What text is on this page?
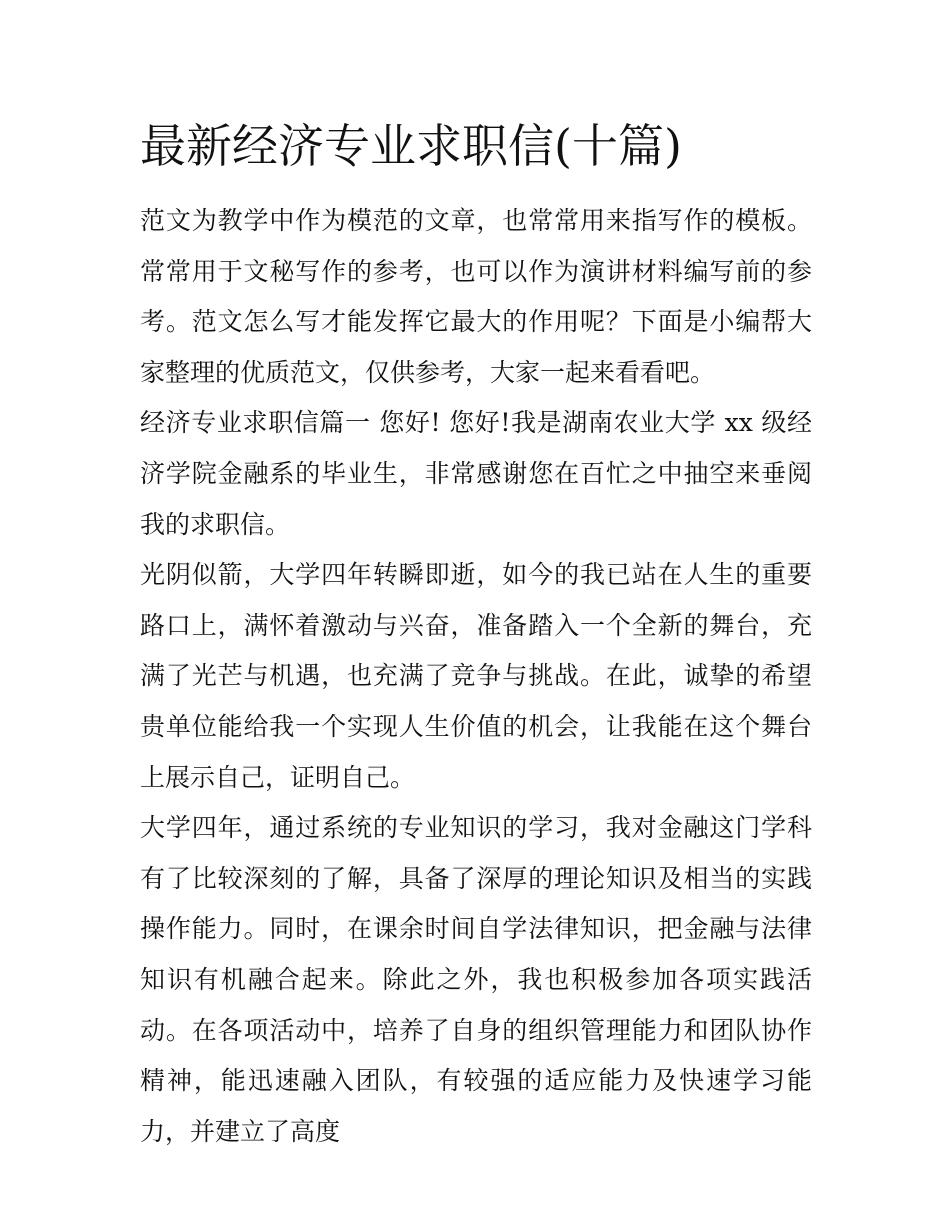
最新经济专业求职信(十篇)

范文为教学中作为模范的文章，也常常用来指写作的模板。常常用于文秘写作的参考，也可以作为演讲材料编写前的参考。范文怎么写才能发挥它最大的作用呢？下面是小编帮大家整理的优质范文，仅供参考，大家一起来看看吧。

经济专业求职信篇一 您好! 您好!我是湖南农业大学 xx 级经济学院金融系的毕业生，非常感谢您在百忙之中抽空来垂阅我的求职信。

光阴似箭，大学四年转瞬即逝，如今的我已站在人生的重要路口上，满怀着激动与兴奋，准备踏入一个全新的舞台，充满了光芒与机遇，也充满了竞争与挑战。在此，诚挚的希望贵单位能给我一个实现人生价值的机会，让我能在这个舞台上展示自己，证明自己。

大学四年，通过系统的专业知识的学习，我对金融这门学科有了比较深刻的了解，具备了深厚的理论知识及相当的实践操作能力。同时，在课余时间自学法律知识，把金融与法律知识有机融合起来。除此之外，我也积极参加各项实践活动。在各项活动中，培养了自身的组织管理能力和团队协作精神，能迅速融入团队，有较强的适应能力及快速学习能力，并建立了高度
